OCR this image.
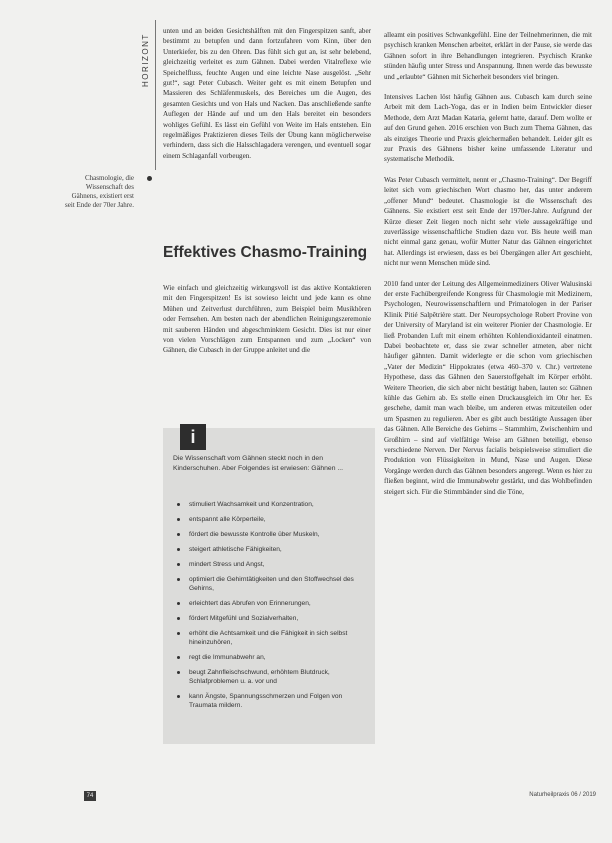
HORIZONT
Chasmologie, die Wissenschaft des Gähnens, existiert erst seit Ende der 70er Jahre.

unten und an beiden Gesichtshälften mit den Fingerspitzen sanft, aber bestimmt zu betupfen und dann fortzufahren vom Kinn, über den Unterkiefer, bis zu den Ohren. Das fühlt sich gut an, ist sehr belebend, gleichzeitig verleitet es zum Gähnen. Dabei werden Vitalreflexe wie Speichelfluss, feuchte Augen und eine leichte Nase ausgelöst. „Sehr gut!“, sagt Peter Cubasch. Weiter geht es mit einem Betupfen und Massieren des Schläfenmuskels, des Bereiches um die Augen, des gesamten Gesichts und von Hals und Nacken. Das anschließende sanfte Auflegen der Hände auf und um den Hals bereitet ein besonders wohliges Gefühl. Es lässt ein Gefühl von Weite im Hals entstehen. Ein regelmäßiges Praktizieren dieses Teils der Übung kann möglicherweise verhindern, dass sich die Halsschlagadera verengen, und eventuell sogar einem Schlaganfall vorbeugen.

Effektives Chasmo-Training

Wie einfach und gleichzeitig wirkungsvoll ist das aktive Kontaktieren mit den Fingerspitzen! Es ist sowieso leicht und jede kann es ohne Mühen und Zeitverlust durchführen, zum Beispiel beim Musikhören oder Fernsehen. Am besten nach der abendlichen Reinigungszeremonie mit sauberen Händen und abgeschminktem Gesicht. Dies ist nur einer von vielen Vorschlägen zum Entspannen und zum „Locken“ von Gähnen, die Cubasch in der Gruppe anleitet und die

i
Die Wissenschaft vom Gähnen steckt noch in den Kinderschuhen. Aber Folgendes ist erwiesen: Gähnen ...
stimuliert Wachsamkeit und Konzentration,
entspannt alle Körperteile,
fördert die bewusste Kontrolle über Muskeln,
steigert athletische Fähigkeiten,
mindert Stress und Angst,
optimiert die Gehirntätigkeiten und den Stoffwechsel des Gehirns,
erleichtert das Abrufen von Erinnerungen,
fördert Mitgefühl und Sozialverhalten,
erhöht die Achtsamkeit und die Fähigkeit in sich selbst hineinzuhören,
regt die Immunabwehr an,
beugt Zahnfleischschwund, erhöhtem Blutdruck, Schlafproblemen u. a. vor und
kann Ängste, Spannungsschmerzen und Folgen von Traumata mildern.

alleamt ein positives Schwankgefühl. Eine der Teilnehmerinnen, die mit psychisch kranken Menschen arbeitet, erklärt in der Pause, sie werde das Gähnen sofort in ihre Behandlungen integrieren. Psychisch Kranke stünden häufig unter Stress und Anspannung. Ihnen werde das bewusste und „erlaubte“ Gähnen mit Sicherheit besonders viel bringen.

Intensives Lachen löst häufig Gähnen aus. Cubasch kam durch seine Arbeit mit dem Lach-Yoga, das er in Indien beim Entwickler dieser Methode, dem Arzt Madan Kataria, gelernt hatte, darauf. Dem wollte er auf den Grund gehen. 2016 erschien von Buch zum Thema Gähnen, das als einziges Theorie und Praxis gleichermaßen behandelt. Leider gilt es zur Praxis des Gähnens bisher keine umfassende Literatur und systematische Methodik.

Was Peter Cubasch vermittelt, nennt er „Chasmo-Training“. Der Begriff leitet sich vom griechischen Wort chasmo her, das unter anderem „offener Mund“ bedeutet. Chasmologie ist die Wissenschaft des Gähnens. Sie existiert erst seit Ende der 1970er-Jahre. Aufgrund der Kürze dieser Zeit liegen noch nicht sehr viele aussagekräftige und zuverlässige wissenschaftliche Studien dazu vor. Bis heute weiß man nicht einmal ganz genau, wofür Mutter Natur das Gähnen eingerichtet hat. Allerdings ist erwiesen, dass es bei Übergängen aller Art geschieht, nicht nur wenn Menschen müde sind.

2010 fand unter der Leitung des Allgemeinmediziners Oliver Walusinski der erste Fachübergreifende Kongress für Chasmologie mit Medizinern, Psychologen, Neurowissenschaftlern und Primatologen in der Pariser Klinik Pitié Salpêtrière statt. Der Neuropsychologe Robert Provine von der University of Maryland ist ein weiterer Pionier der Chasmologie. Er ließ Probanden Luft mit einem erhöhten Kohlendioxidanteil einatmen. Dabei beobachtete er, dass sie zwar schneller atmeten, aber nicht häufiger gähnten. Damit widerlegte er die schon vom griechischen „Vater der Medizin“ Hippokrates (etwa 460–370 v. Chr.) vertretene Hypothese, dass das Gähnen den Sauerstoffgehalt im Körper erhöht. Weitere Theorien, die sich aber nicht bestätigt haben, lauten so: Gähnen kühle das Gehirn ab. Es stelle einen Druckausgleich im Ohr her. Es geschehe, damit man wach bleibe, um anderen etwas mitzuteilen oder um Spasmen zu regulieren. Aber es gibt auch bestätigte Aussagen über das Gähnen. Alle Bereiche des Gehirns – Stammhirn, Zwischenhirn und Großhirn – sind auf vielfältige Weise am Gähnen beteiligt, ebenso verschiedene Nerven. Der Nervus facialis beispielsweise stimuliert die Produktion von Flüssigkeiten in Mund, Nase und Augen. Diese Vorgänge werden durch das Gähnen besonders angeregt. Wenn es hier zu fließen beginnt, wird die Immunabwehr gestärkt, und das Wohlbefinden steigert sich. Für die Stimmbänder sind die Töne,

74	Naturheilpraxis 06 / 2019
